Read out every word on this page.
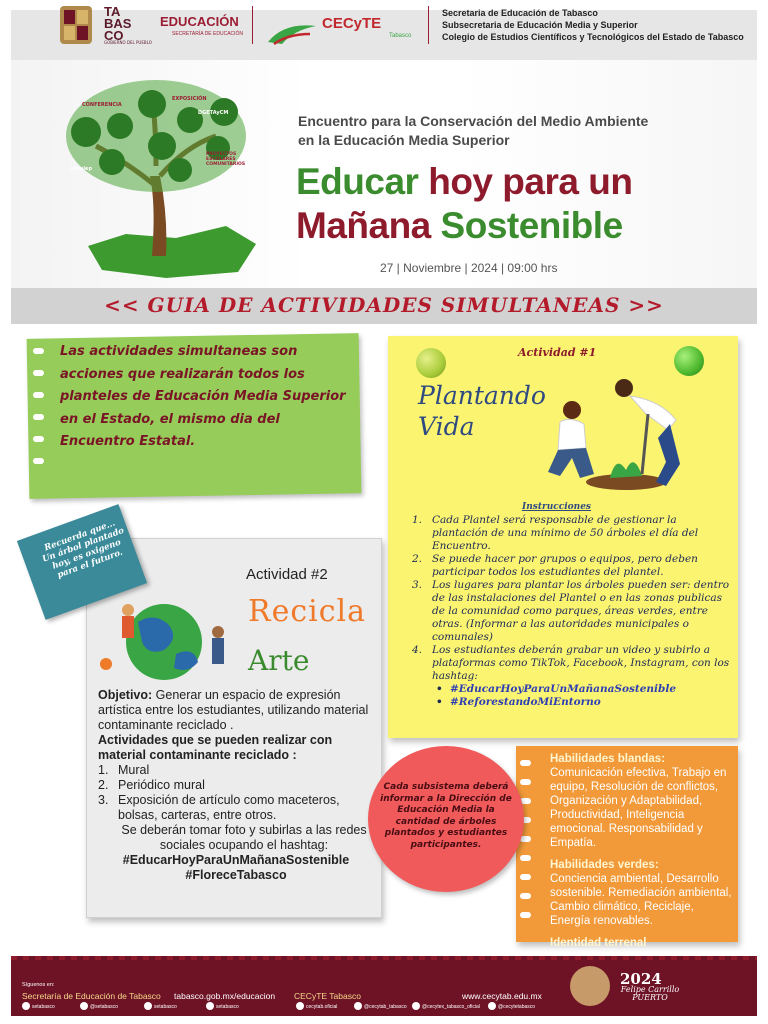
TA BAS CO
GOBIERNO DEL PUEBLO
EDUCACIÓN
SECRETARÍA DE EDUCACIÓN
CECyTE
Tabasco
Secretaria de Educación de Tabasco
Subsecretaria de Educación Media y Superior
Colegio de Estudios Científicos y Tecnológicos del Estado de Tabasco
CONFERENCIA
EXPOSICIÓN
DGETAyCM
PROYECTOS ESCOLARES COMUNITARIOS
conalep
Encuentro para la Conservación del Medio Ambiente
en la Educación Media Superior
Educar hoy para un
Mañana Sostenible
27 | Noviembre | 2024 | 09:00 hrs
<< GUIA DE ACTIVIDADES SIMULTANEAS >>
Las actividades simultaneas son acciones que realizarán todos los planteles de Educación Media Superior en el Estado, el mismo dia del Encuentro Estatal.
Actividad #1
Plantando Vida
Instrucciones
1. Cada Plantel será responsable de gestionar la plantación de una mínimo de 50 árboles el día del Encuentro.
2. Se puede hacer por grupos o equipos, pero deben participar todos los estudiantes del plantel.
3. Los lugares para plantar los árboles pueden ser: dentro de las instalaciones del Plantel o en las zonas publicas de la comunidad como parques, áreas verdes, entre otras. (Informar a las autoridades municipales o comunales)
4. Los estudiantes deberán grabar un video y subirlo a plataformas como TikTok, Facebook, Instagram, con los hashtag:
• #EducarHoyParaUnMañanaSostenible
• #ReforestandoMiEntorno
Recuerda que... Un árbol plantado hoy, es oxigeno para el futuro.	Actividad #2
Recicla
Arte
Objetivo: Generar un espacio de expresión artística entre los estudiantes, utilizando material contaminante reciclado .
Actividades que se pueden realizar con material contaminante reciclado :
1. Mural
2. Periódico mural
3. Exposición de artículo como maceteros, bolsas, carteras, entre otros.
Se deberán tomar foto y subirlas a las redes sociales ocupando el hashtag:
#EducarHoyParaUnMañanaSostenible
#FloreceTabasco
Habilidades blandas:
Comunicación efectiva, Trabajo en equipo, Resolución de conflictos, Organización y Adaptabilidad, Productividad, Inteligencia emocional. Responsabilidad y Empatía.
Habilidades verdes:
Conciencia ambiental, Desarrollo sostenible. Remediación ambiental, Cambio climático, Reciclaje, Energía renovables.
Identidad terrenal
Cada subsistema deberá informar a la Dirección de Educación Media la cantidad de árboles plantados y estudiantes participantes.
Síguenos en:
Secretaría de Educación de Tabasco tabasco.gob.mx/educacion CECyTE Tabasco	www.cecytab.edu.mx
setabasco	@setabasco	setabasco	setabasco	cecytab.oficial	@cecytab_tabasco	@cecytex_tabasco_oficial	@cecytetabasco
2024
Felipe Carrillo
PUERTO
